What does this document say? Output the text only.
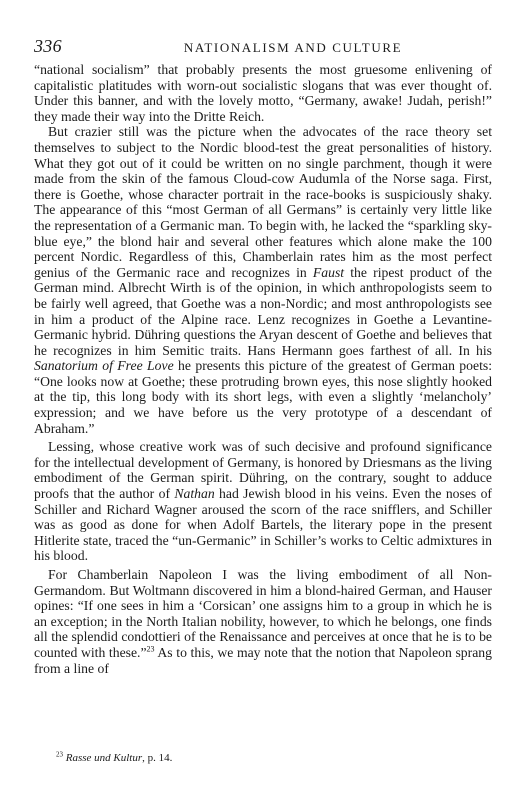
336	NATIONALISM AND CULTURE

“national socialism” that probably presents the most gruesome enlivening of capitalistic platitudes with worn-out socialistic slogans that was ever thought of. Under this banner, and with the lovely motto, “Germany, awake! Judah, perish!” they made their way into the Dritte Reich.

But crazier still was the picture when the advocates of the race theory set themselves to subject to the Nordic blood-test the great personalities of history. What they got out of it could be written on no single parchment, though it were made from the skin of the famous Cloud-cow Audumla of the Norse saga. First, there is Goethe, whose character portrait in the race-books is suspiciously shaky. The appearance of this “most German of all Germans” is certainly very little like the representation of a Germanic man. To begin with, he lacked the “sparkling sky-blue eye,” the blond hair and several other features which alone make the 100 percent Nordic. Regardless of this, Chamberlain rates him as the most perfect genius of the Germanic race and recognizes in Faust the ripest product of the German mind. Albrecht Wirth is of the opinion, in which anthropologists seem to be fairly well agreed, that Goethe was a non-Nordic; and most anthropologists see in him a product of the Alpine race. Lenz recognizes in Goethe a Levantine-Germanic hybrid. Dühring questions the Aryan descent of Goethe and believes that he recognizes in him Semitic traits. Hans Hermann goes farthest of all. In his Sanatorium of Free Love he presents this picture of the greatest of German poets: “One looks now at Goethe; these protruding brown eyes, this nose slightly hooked at the tip, this long body with its short legs, with even a slightly ‘melancholy’ expression; and we have before us the very prototype of a descendant of Abraham.”

Lessing, whose creative work was of such decisive and profound significance for the intellectual development of Germany, is honored by Driesmans as the living embodiment of the German spirit. Dühring, on the contrary, sought to adduce proofs that the author of Nathan had Jewish blood in his veins. Even the noses of Schiller and Richard Wagner aroused the scorn of the race snifflers, and Schiller was as good as done for when Adolf Bartels, the literary pope in the present Hitlerite state, traced the “un-Germanic” in Schiller’s works to Celtic admixtures in his blood.

For Chamberlain Napoleon I was the living embodiment of all Non-Germandom. But Woltmann discovered in him a blond-haired German, and Hauser opines: “If one sees in him a ‘Corsican’ one assigns him to a group in which he is an exception; in the North Italian nobility, however, to which he belongs, one finds all the splendid condottieri of the Renaissance and perceives at once that he is to be counted with these.”$^{23}$ As to this, we may note that the notion that Napoleon sprang from a line of

$^{23}$ Rasse und Kultur, p. 14.
